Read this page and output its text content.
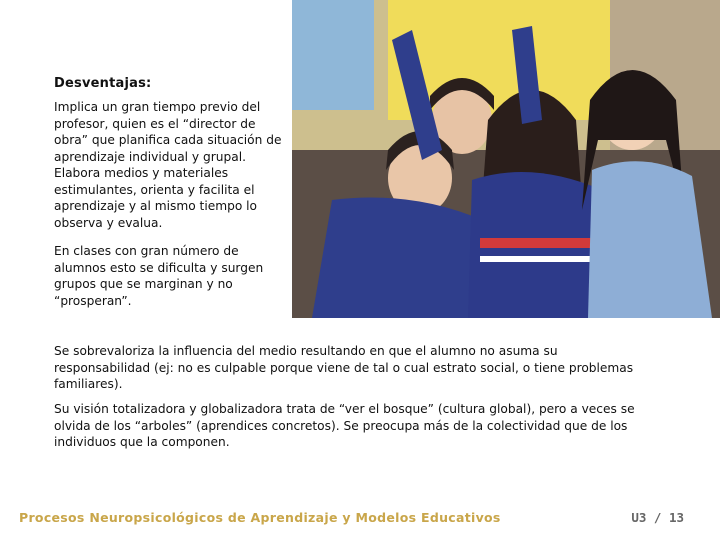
Desventajas:

Implica un gran tiempo previo del profesor, quien es el “director de obra” que planifica cada situación de aprendizaje individual y grupal. Elabora medios y materiales estimulantes, orienta y facilita el aprendizaje y al mismo tiempo lo observa y evalua.

En clases con gran número de alumnos esto se dificulta y surgen grupos que se marginan y no “prosperan”.

Se sobrevaloriza la influencia del medio resultando en que el alumno no asuma su responsabilidad (ej: no es culpable porque viene de tal o cual estrato social, o tiene problemas familiares).

Su visión totalizadora y globalizadora trata de “ver el bosque” (cultura global), pero a veces se olvida de los “arboles” (aprendices concretos). Se preocupa más de la colectividad que de los individuos que la componen.

Procesos Neuropsicológicos de Aprendizaje y Modelos Educativos	U3 / 13
